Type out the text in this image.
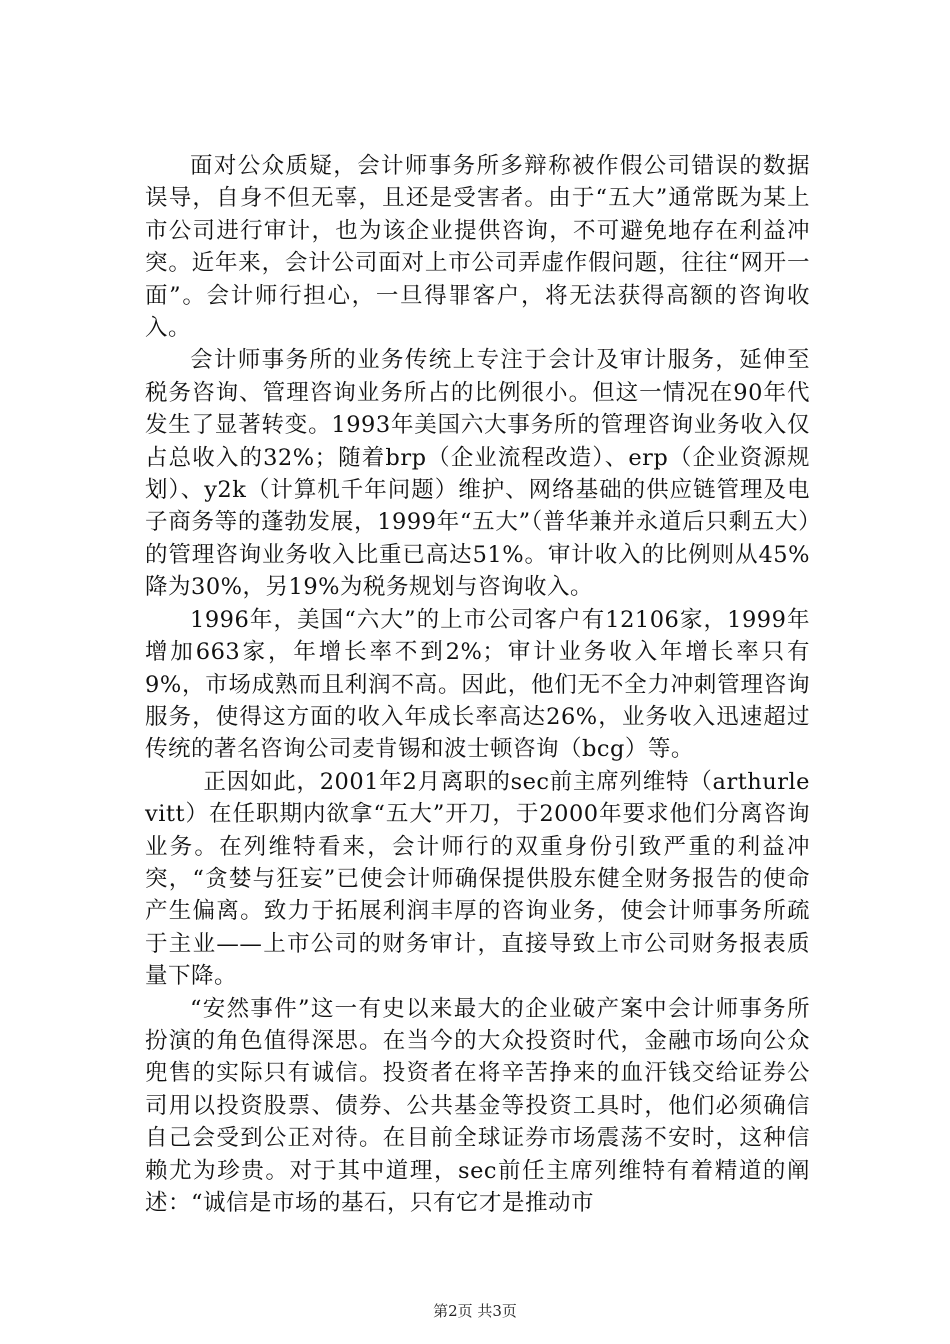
面对公众质疑，会计师事务所多辩称被作假公司错误的数据误导，自身不但无辜，且还是受害者。由于“五大”通常既为某上市公司进行审计，也为该企业提供咨询，不可避免地存在利益冲突。近年来，会计公司面对上市公司弄虚作假问题，往往“网开一面”。会计师行担心，一旦得罪客户，将无法获得高额的咨询收入。

会计师事务所的业务传统上专注于会计及审计服务，延伸至税务咨询、管理咨询业务所占的比例很小。但这一情况在90年代发生了显著转变。1993年美国六大事务所的管理咨询业务收入仅占总收入的32%；随着brp（企业流程改造）、erp（企业资源规划）、y2k（计算机千年问题）维护、网络基础的供应链管理及电子商务等的蓬勃发展，1999年“五大”（普华兼并永道后只剩五大）的管理咨询业务收入比重已高达51%。审计收入的比例则从45%降为30%，另19%为税务规划与咨询收入。

1996年，美国“六大”的上市公司客户有12106家，1999年增加663家，年增长率不到2%；审计业务收入年增长率只有9%，市场成熟而且利润不高。因此，他们无不全力冲刺管理咨询服务，使得这方面的收入年成长率高达26%，业务收入迅速超过传统的著名咨询公司麦肯锡和波士顿咨询（bcg）等。

正因如此，2001年2月离职的sec前主席列维特（arthurlevitt）在任职期内欲拿“五大”开刀，于2000年要求他们分离咨询业务。在列维特看来，会计师行的双重身份引致严重的利益冲突，“贪婪与狂妄”已使会计师确保提供股东健全财务报告的使命产生偏离。致力于拓展利润丰厚的咨询业务，使会计师事务所疏于主业——上市公司的财务审计，直接导致上市公司财务报表质量下降。

“安然事件”这一有史以来最大的企业破产案中会计师事务所扮演的角色值得深思。在当今的大众投资时代，金融市场向公众兜售的实际只有诚信。投资者在将辛苦挣来的血汗钱交给证券公司用以投资股票、债券、公共基金等投资工具时，他们必须确信自己会受到公正对待。在目前全球证券市场震荡不安时，这种信赖尤为珍贵。对于其中道理，sec前任主席列维特有着精道的阐述：“诚信是市场的基石，只有它才是推动市

第2页 共3页
